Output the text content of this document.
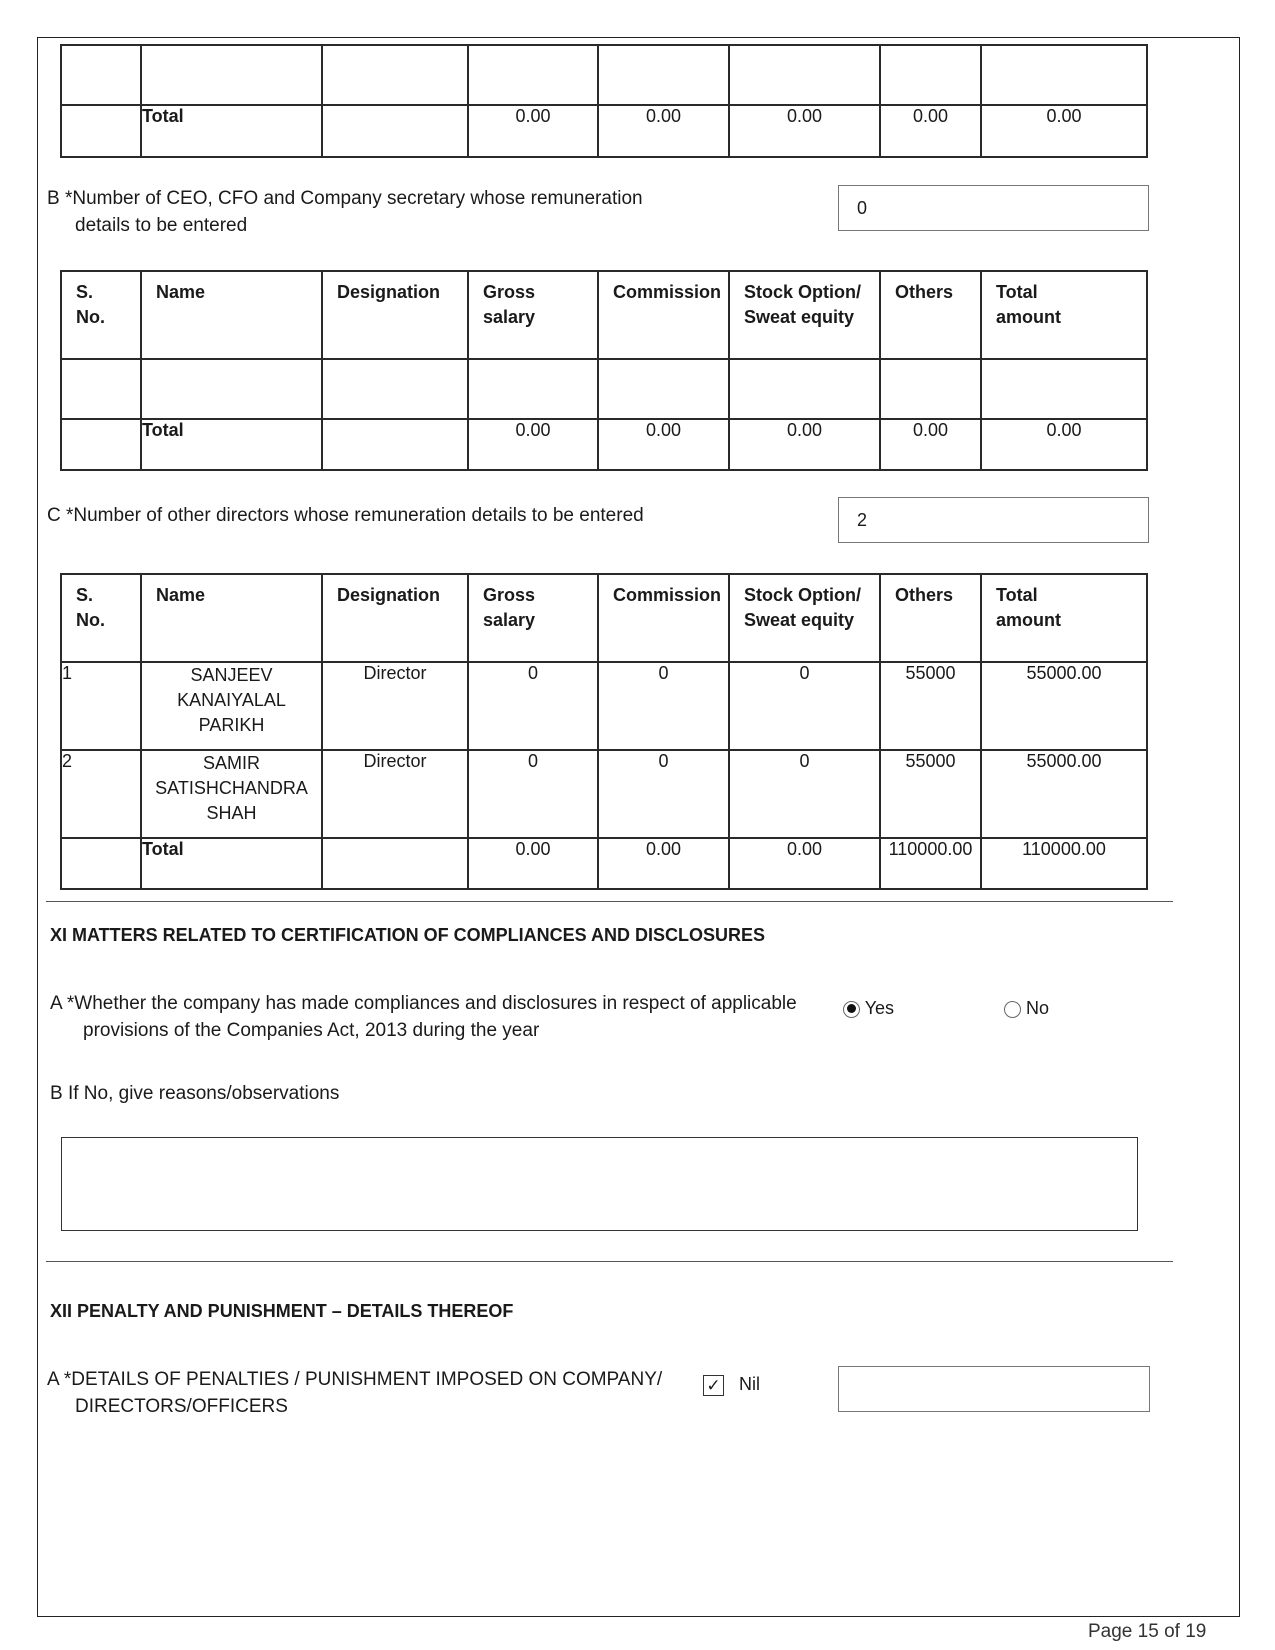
	Total		0.00	0.00	0.00	0.00	0.00
B *Number of CEO, CFO and Company secretary whose remuneration
details to be entered
0
S. No.	Name	Designation	Gross salary	Commission	Stock Option/ Sweat equity	Others	Total amount

	Total		0.00	0.00	0.00	0.00	0.00
C *Number of other directors whose remuneration details to be entered	2
S. No.	Name	Designation	Gross salary	Commission	Stock Option/ Sweat equity	Others	Total amount
1	SANJEEV
KANAIYALAL
PARIKH	Director	0	0	0	55000	55000.00
2	SAMIR
SATISHCHANDRA
SHAH	Director	0	0	0	55000	55000.00
	Total		0.00	0.00	0.00	110000.00	110000.00
XI MATTERS RELATED TO CERTIFICATION OF COMPLIANCES AND DISCLOSURES
A *Whether the company has made compliances and disclosures in respect of applicable
provisions of the Companies Act, 2013 during the year
Yes	No
B If No, give reasons/observations
XII PENALTY AND PUNISHMENT – DETAILS THEREOF
A *DETAILS OF PENALTIES / PUNISHMENT IMPOSED ON COMPANY/
DIRECTORS/OFFICERS
✓ Nil
Page 15 of 19
